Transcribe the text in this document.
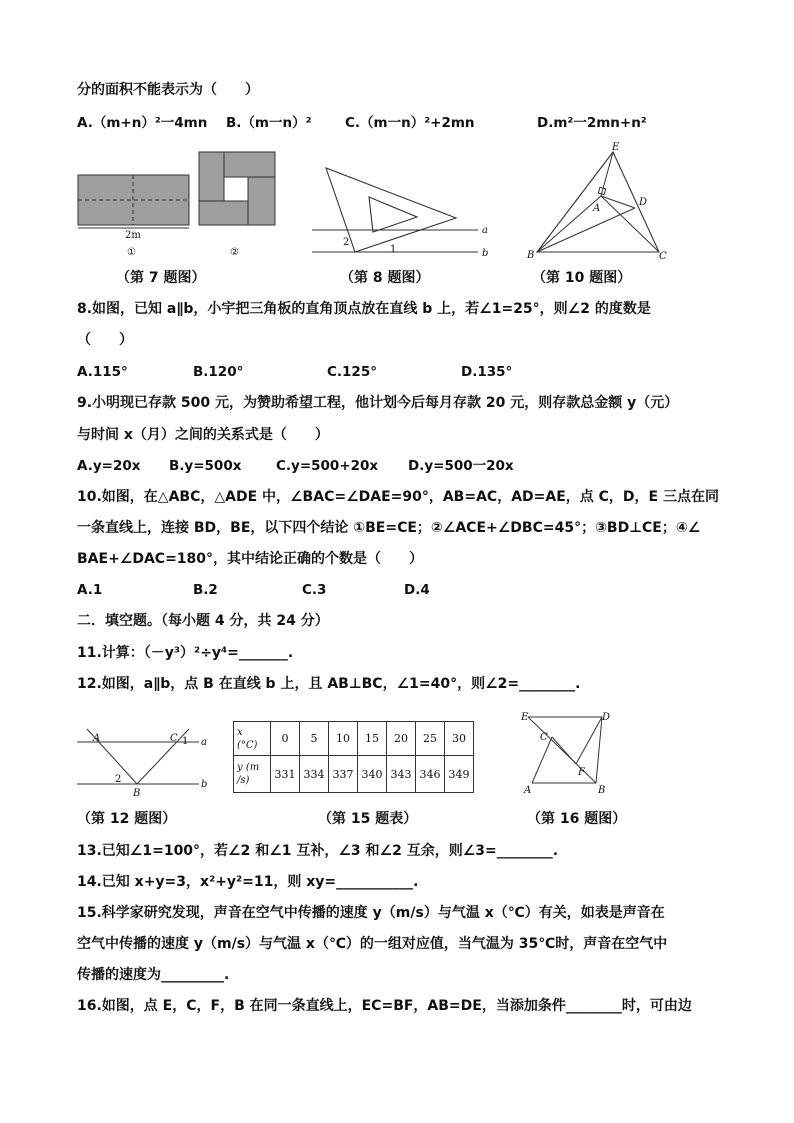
分的面积不能表示为（　　）
A.（m+n）²一4mn B.（m一n）² C.（m一n）²+2mn	D.m²一2mn+n²
2m
①	②
a
b
2
1
E
A
D
B	C
（第 7 题图）	（第 8 题图）	（第 10 题图）
8.如图，已知 a∥b，小宇把三角板的直角顶点放在直线 b 上，若∠1=25°，则∠2 的度数是
（　　）
A.115°	B.120°	C.125°	D.135°
9.小明现已存款 500 元，为赞助希望工程，他计划今后每月存款 20 元，则存款总金额 y（元）
与时间 x（月）之间的关系式是（　　）
A.y=20x B.y=500x	C.y=500+20x D.y=500一20x
10.如图，在△ABC，△ADE 中，∠BAC=∠DAE=90°，AB=AC，AD=AE，点 C，D，E 三点在同
一条直线上，连接 BD，BE，以下四个结论 ①BE=CE；②∠ACE+∠DBC=45°；③BD⊥CE；④∠
BAE+∠DAC=180°，其中结论正确的个数是（　　）
A.1	B.2	C.3	D.4
二．填空题。（每小题 4 分，共 24 分）
11.计算：（－y³）²÷y⁴=_______.
12.如图，a∥b，点 B 在直线 b 上，且 AB⊥BC，∠1=40°，则∠2=________.
A	C 1 a
2
B
b
x
(°C)	0	5	10	15	20	25	30
y (m
/s)	331	334	337	340	343	346	349
E	D
C
F
A	B
（第 12 题图）	（第 15 题表）	（第 16 题图）
13.已知∠1=100°，若∠2 和∠1 互补，∠3 和∠2 互余，则∠3=________.
14.已知 x+y=3，x²+y²=11，则 xy=___________.
15.科学家研究发现，声音在空气中传播的速度 y（m/s）与气温 x（℃）有关，如表是声音在
空气中传播的速度 y（m/s）与气温 x（℃）的一组对应值，当气温为 35℃时，声音在空气中
传播的速度为_________.
16.如图，点 E，C，F，B 在同一条直线上，EC=BF，AB=DE，当添加条件________时，可由边
